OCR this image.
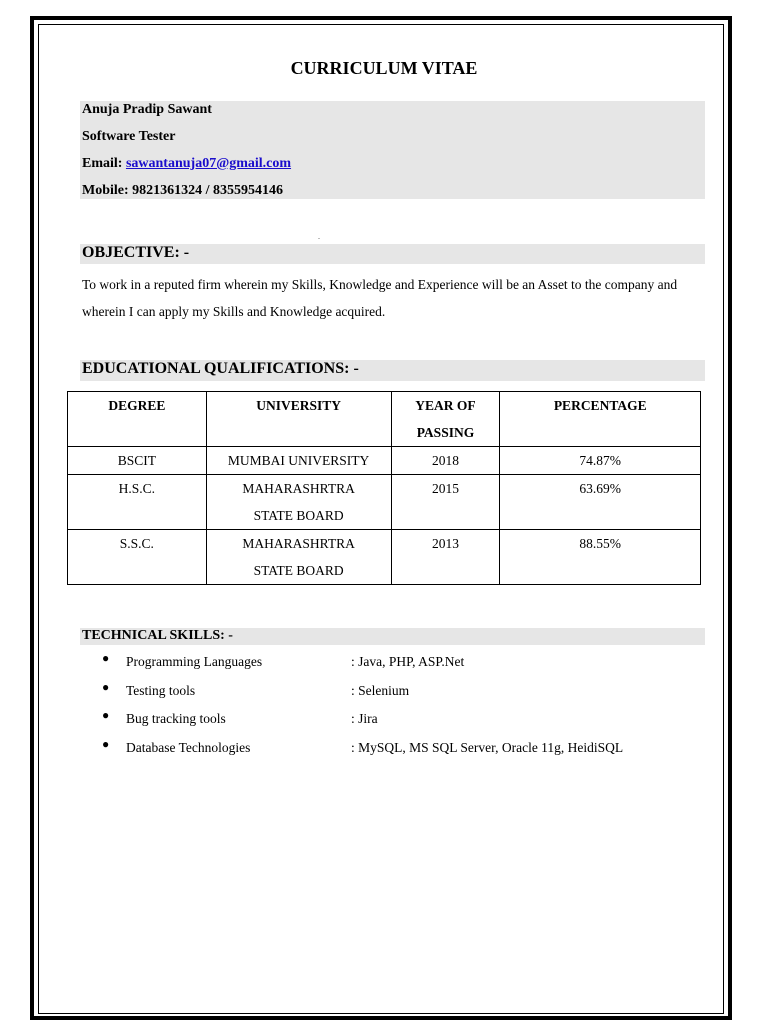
CURRICULUM VITAE
Anuja Pradip Sawant
Software Tester
Email: sawantanuja07@gmail.com
Mobile: 9821361324 / 8355954146
.
OBJECTIVE: -
To work in a reputed firm wherein my Skills, Knowledge and Experience will be an Asset to the company and wherein I can apply my Skills and Knowledge acquired.
EDUCATIONAL QUALIFICATIONS: -
DEGREE	UNIVERSITY	YEAR OF PASSING	PERCENTAGE
BSCIT	MUMBAI UNIVERSITY	2018	74.87%
H.S.C.	MAHARASHRTRA STATE BOARD	2015	63.69%
S.S.C.	MAHARASHRTRA STATE BOARD	2013	88.55%
TECHNICAL SKILLS: -
● Programming Languages	: Java, PHP, ASP.Net
● Testing tools	: Selenium
● Bug tracking tools	: Jira
● Database Technologies	: MySQL, MS SQL Server, Oracle 11g, HeidiSQL
